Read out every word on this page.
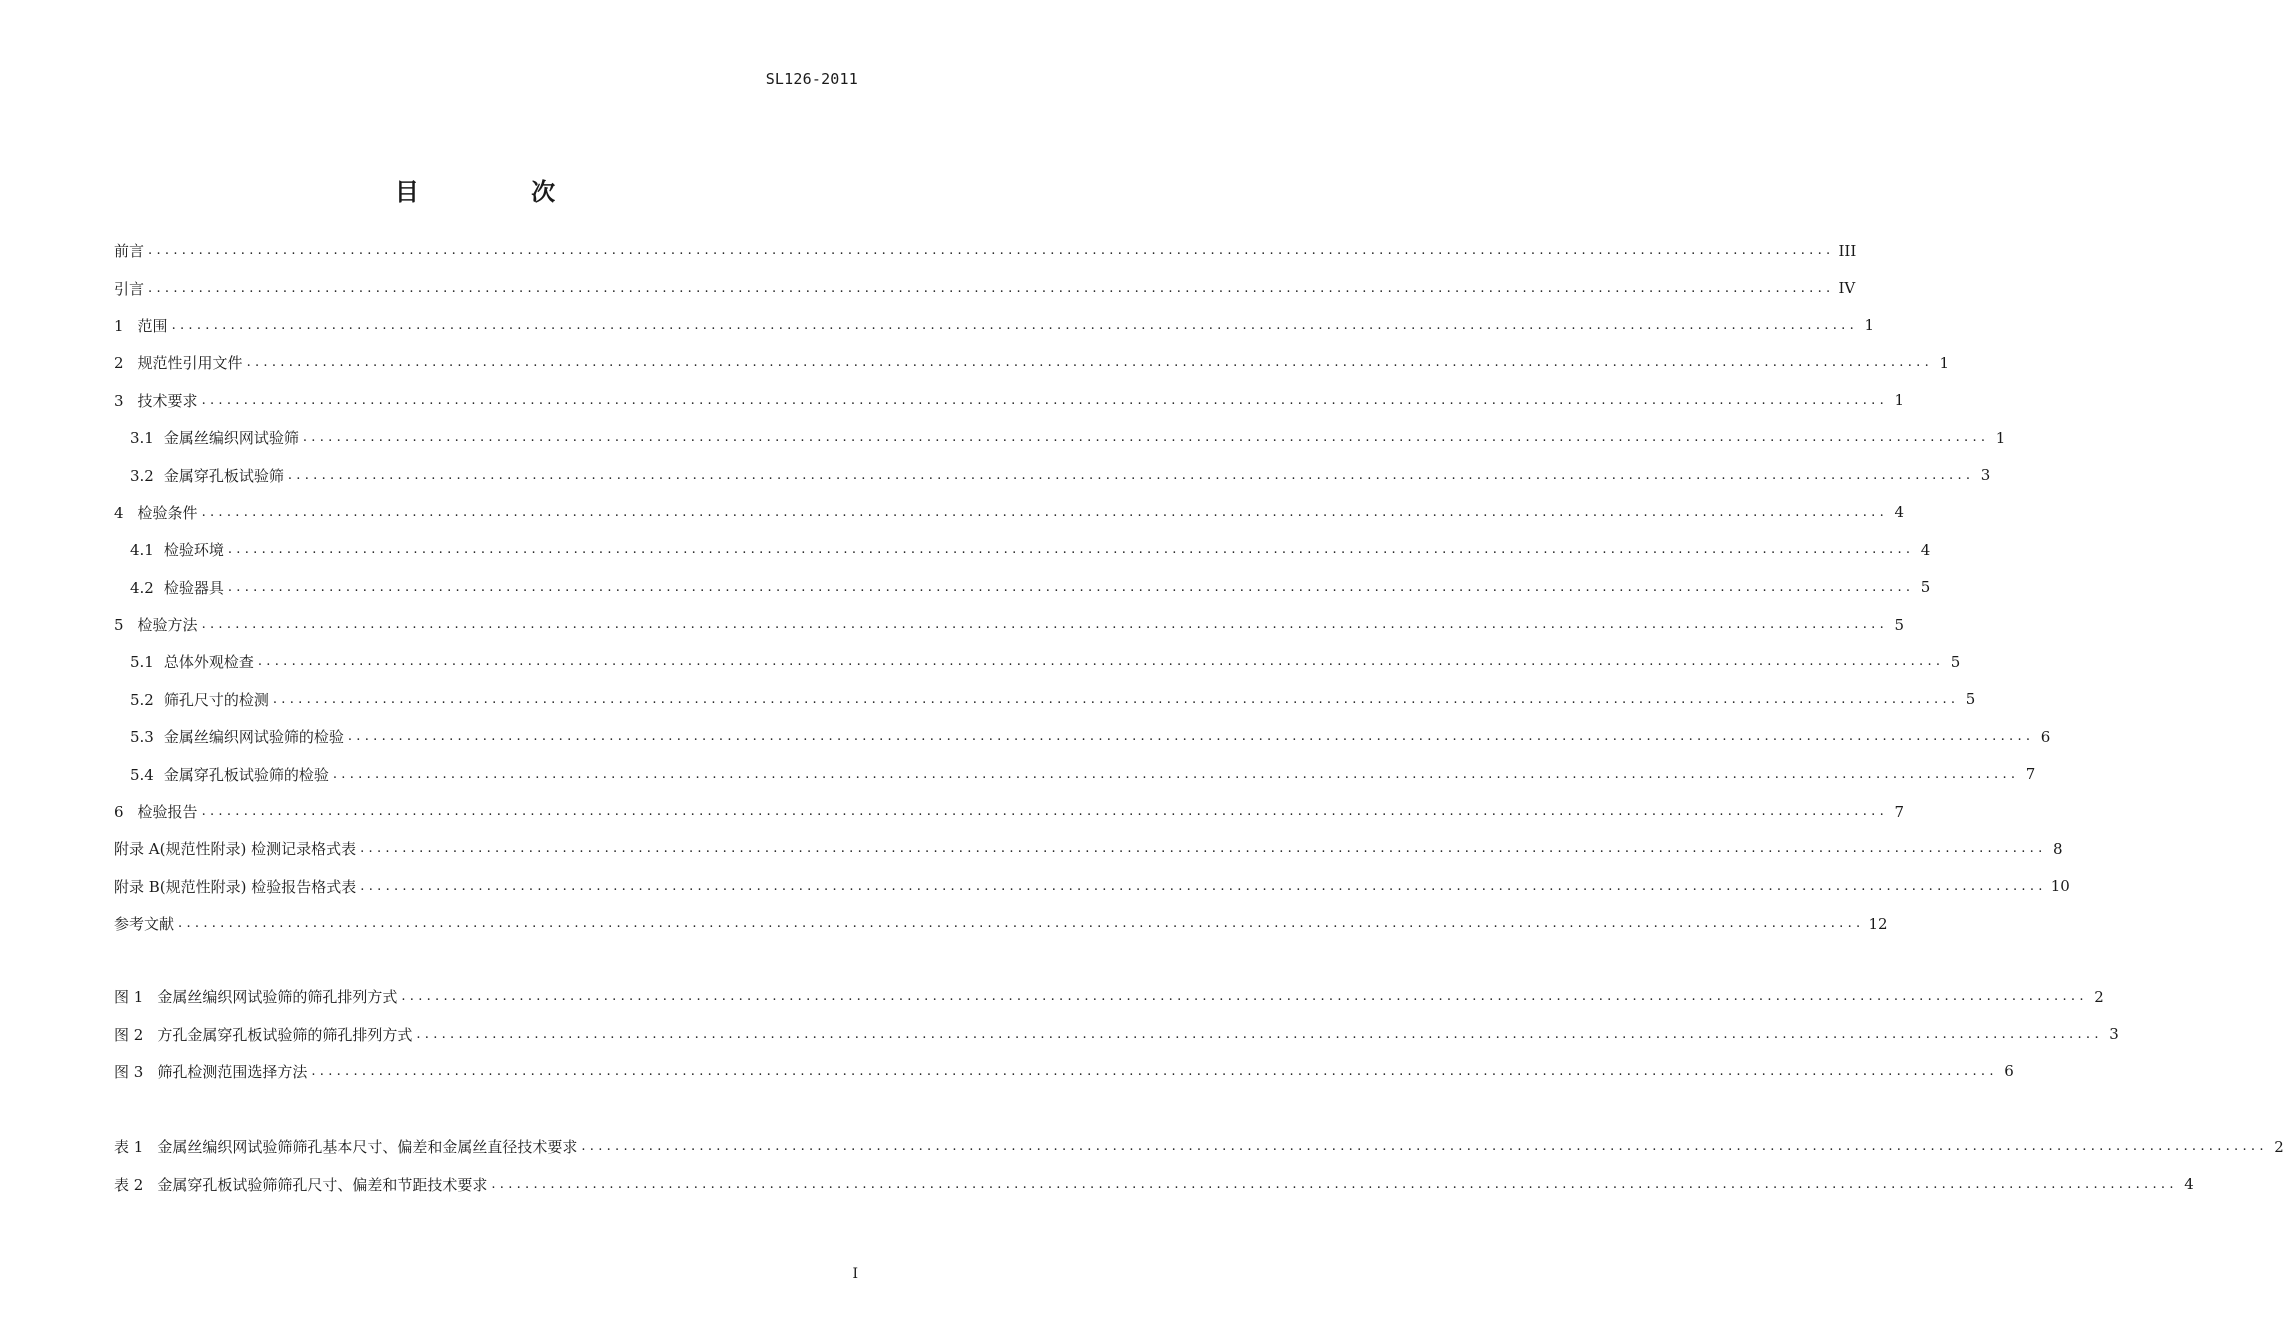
SL126-2011
目 次
前言 ........................................................................................................................................................................................................ III
引言 ........................................................................................................................................................................................................ IV
1 范围 ........................................................................................................................................................................................................ 1
2 规范性引用文件 ........................................................................................................................................................................................................ 1
3 技术要求 ........................................................................................................................................................................................................ 1
3.1 金属丝编织网试验筛 ........................................................................................................................................................................................................ 1
3.2 金属穿孔板试验筛 ........................................................................................................................................................................................................ 3
4 检验条件 ........................................................................................................................................................................................................ 4
4.1 检验环境 ........................................................................................................................................................................................................ 4
4.2 检验器具 ........................................................................................................................................................................................................ 5
5 检验方法 ........................................................................................................................................................................................................ 5
5.1 总体外观检查 ........................................................................................................................................................................................................ 5
5.2 筛孔尺寸的检测 ........................................................................................................................................................................................................ 5
5.3 金属丝编织网试验筛的检验 ........................................................................................................................................................................................................ 6
5.4 金属穿孔板试验筛的检验 ........................................................................................................................................................................................................ 7
6 检验报告 ........................................................................................................................................................................................................ 7
附录 A(规范性附录) 检测记录格式表 ........................................................................................................................................................................................................ 8
附录 B(规范性附录) 检验报告格式表 ........................................................................................................................................................................................................ 10
参考文献 ........................................................................................................................................................................................................ 12
图 1 金属丝编织网试验筛的筛孔排列方式 ........................................................................................................................................................................................................ 2
图 2 方孔金属穿孔板试验筛的筛孔排列方式 ........................................................................................................................................................................................................ 3
图 3 筛孔检测范围选择方法 ........................................................................................................................................................................................................ 6
表 1 金属丝编织网试验筛筛孔基本尺寸、偏差和金属丝直径技术要求 ........................................................................................................................................................................................................ 2
表 2 金属穿孔板试验筛筛孔尺寸、偏差和节距技术要求 ........................................................................................................................................................................................................ 4
I
